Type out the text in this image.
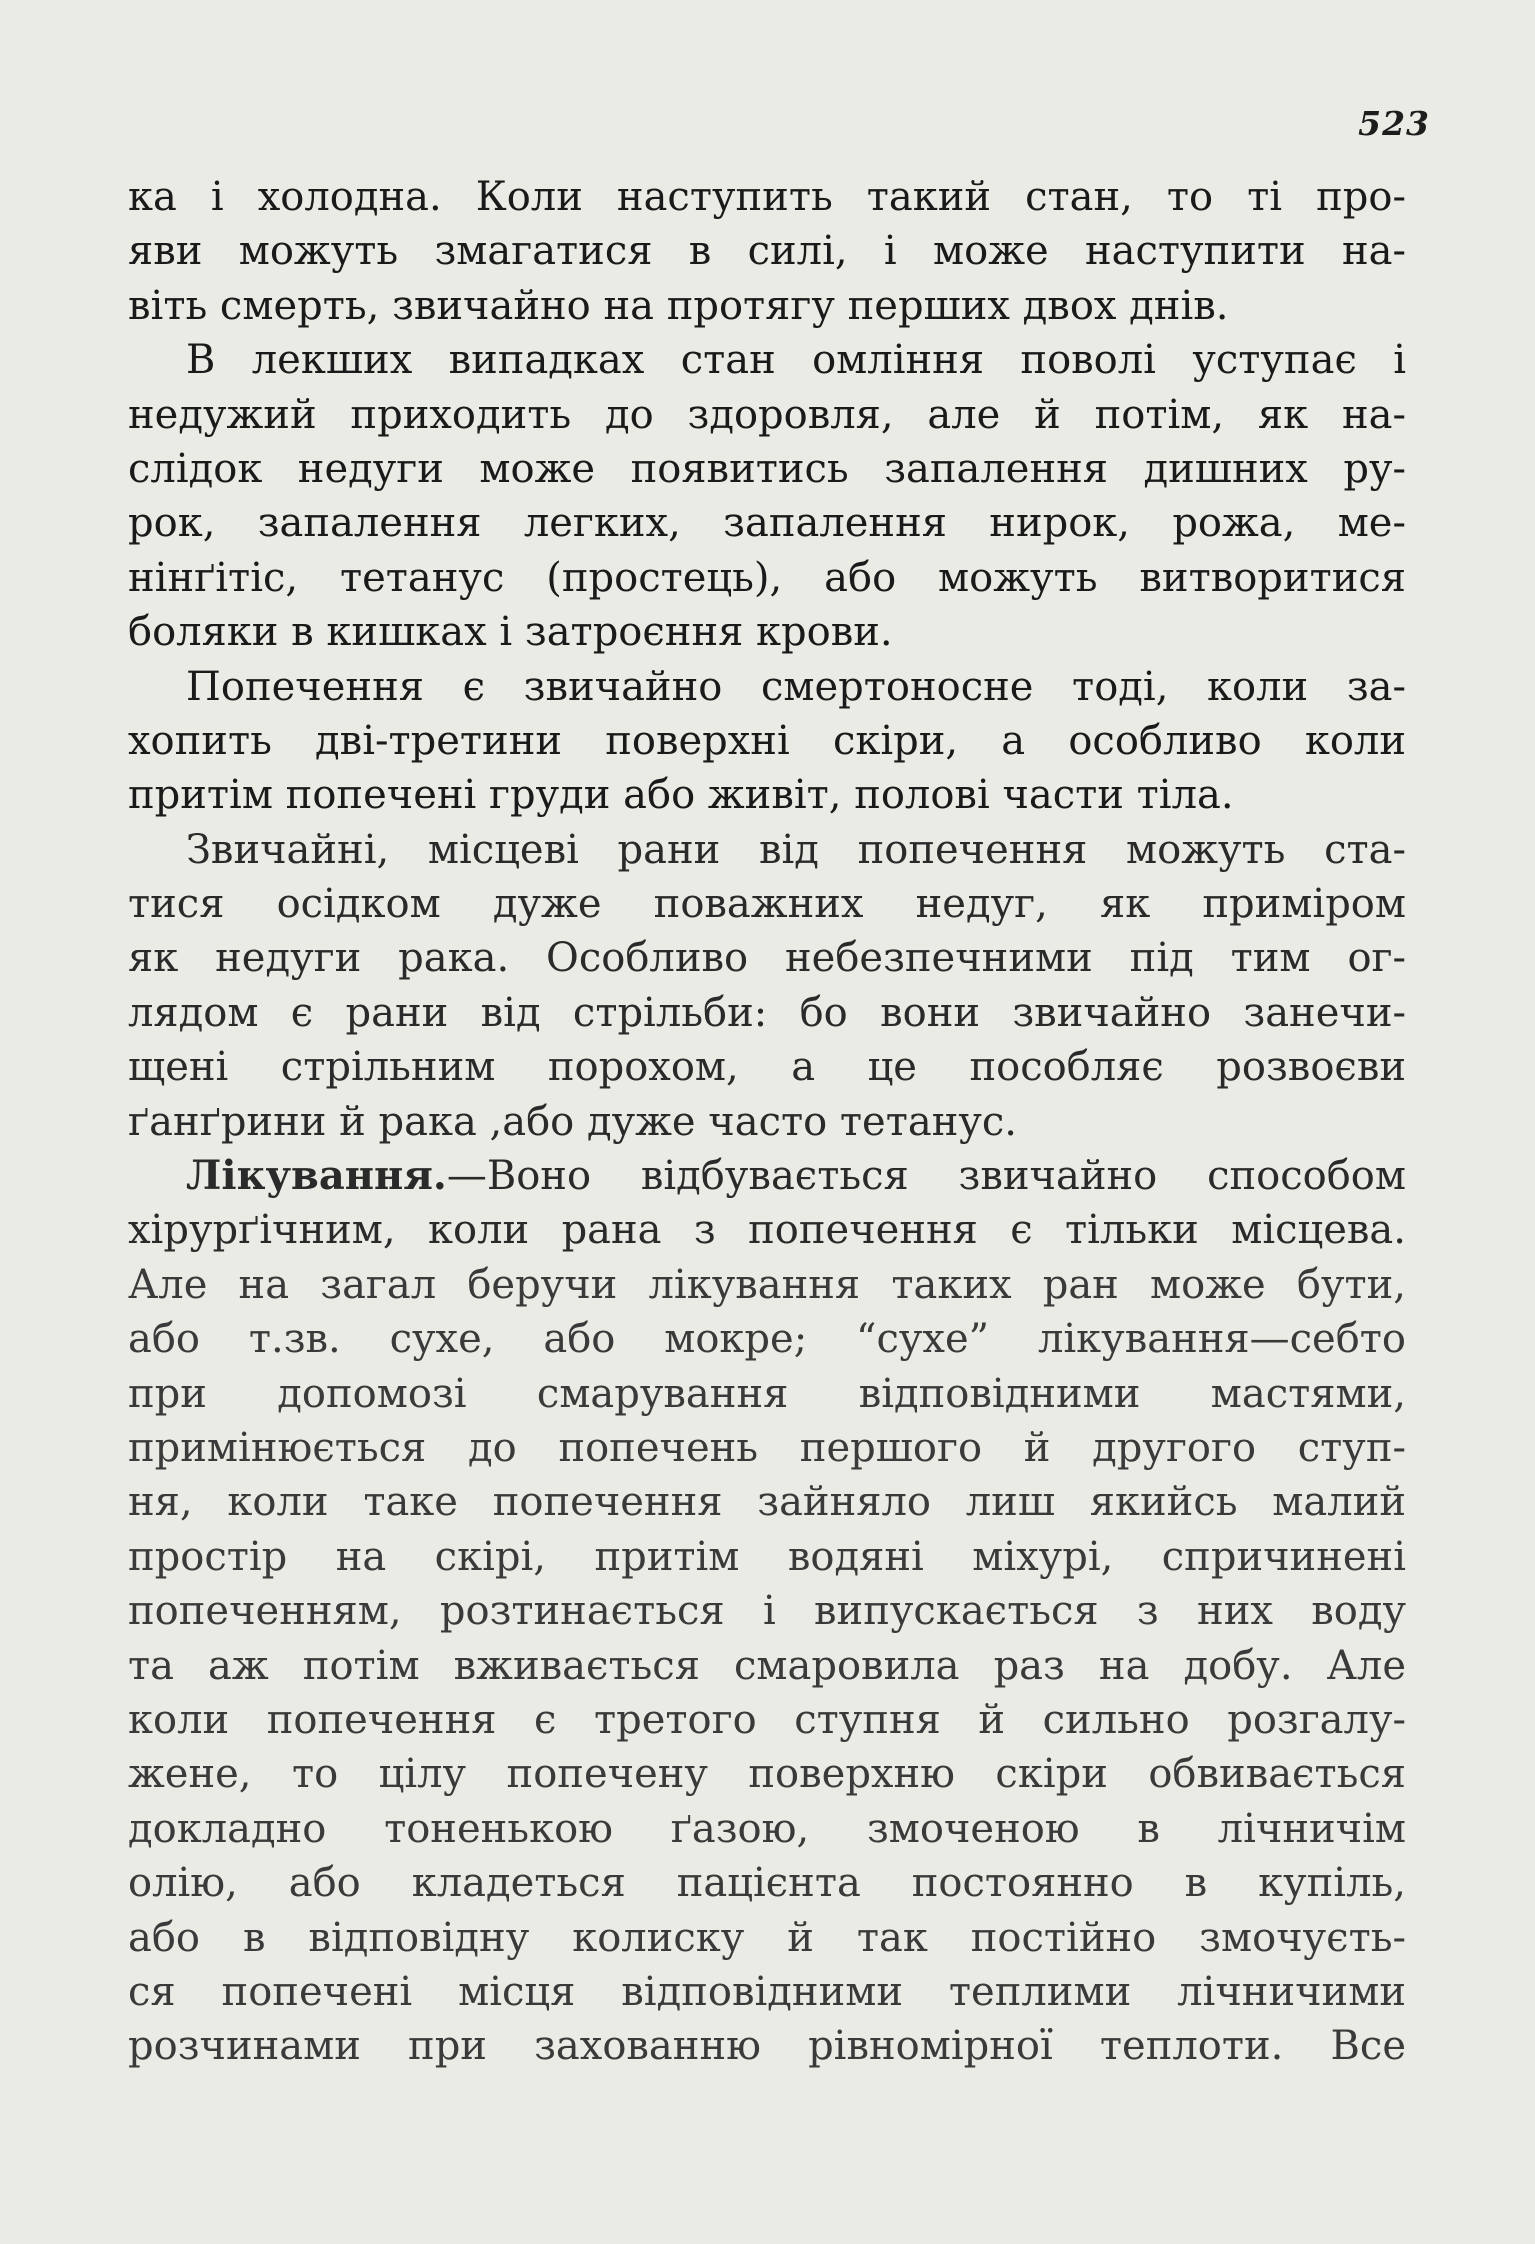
523
ка і холодна. Коли наступить такий стан, то ті про-
яви можуть змагатися в силі, і може наступити на-
віть смерть, звичайно на протягу перших двох днів.
В лекших випадках стан омління поволі уступає і
недужий приходить до здоровля, але й потім, як на-
слідок недуги може появитись запалення дишних ру-
рок, запалення легких, запалення нирок, рожа, ме-
нінґітіс, тетанус (простець), або можуть витворитися
боляки в кишках і затроєння крови.
Попечення є звичайно смертоносне тоді, коли за-
хопить дві-третини поверхні скіри, а особливо коли
притім попечені груди або живіт, полові части тіла.
Звичайні, місцеві рани від попечення можуть ста-
тися осідком дуже поважних недуг, як приміром
як недуги рака. Особливо небезпечними під тим ог-
лядом є рани від стрільби: бо вони звичайно занечи-
щені стрільним порохом, а це пособляє розвоєви
ґанґрини й рака ,або дуже часто тетанус.
Лікування.—Воно відбувається звичайно способом
хірурґічним, коли рана з попечення є тільки місцева.
Але на загал беручи лікування таких ран може бути,
або т.зв. сухе, або мокре; “сухе” лікування—себто
при допомозі смарування відповідними мастями,
примінюється до попечень першого й другого ступ-
ня, коли таке попечення зайняло лиш якийсь малий
простір на скірі, притім водяні міхурі, спричинені
попеченням, розтинається і випускається з них воду
та аж потім вживається смаровила раз на добу. Але
коли попечення є третого ступня й сильно розгалу-
жене, то цілу попечену поверхню скіри обвивається
докладно тоненькою ґазою, змоченою в лічничім
олію, або кладеться пацієнта постоянно в купіль,
або в відповідну колиску й так постійно змочуєть-
ся попечені місця відповідними теплими лічничими
розчинами при захованню рівномірної теплоти. Все
